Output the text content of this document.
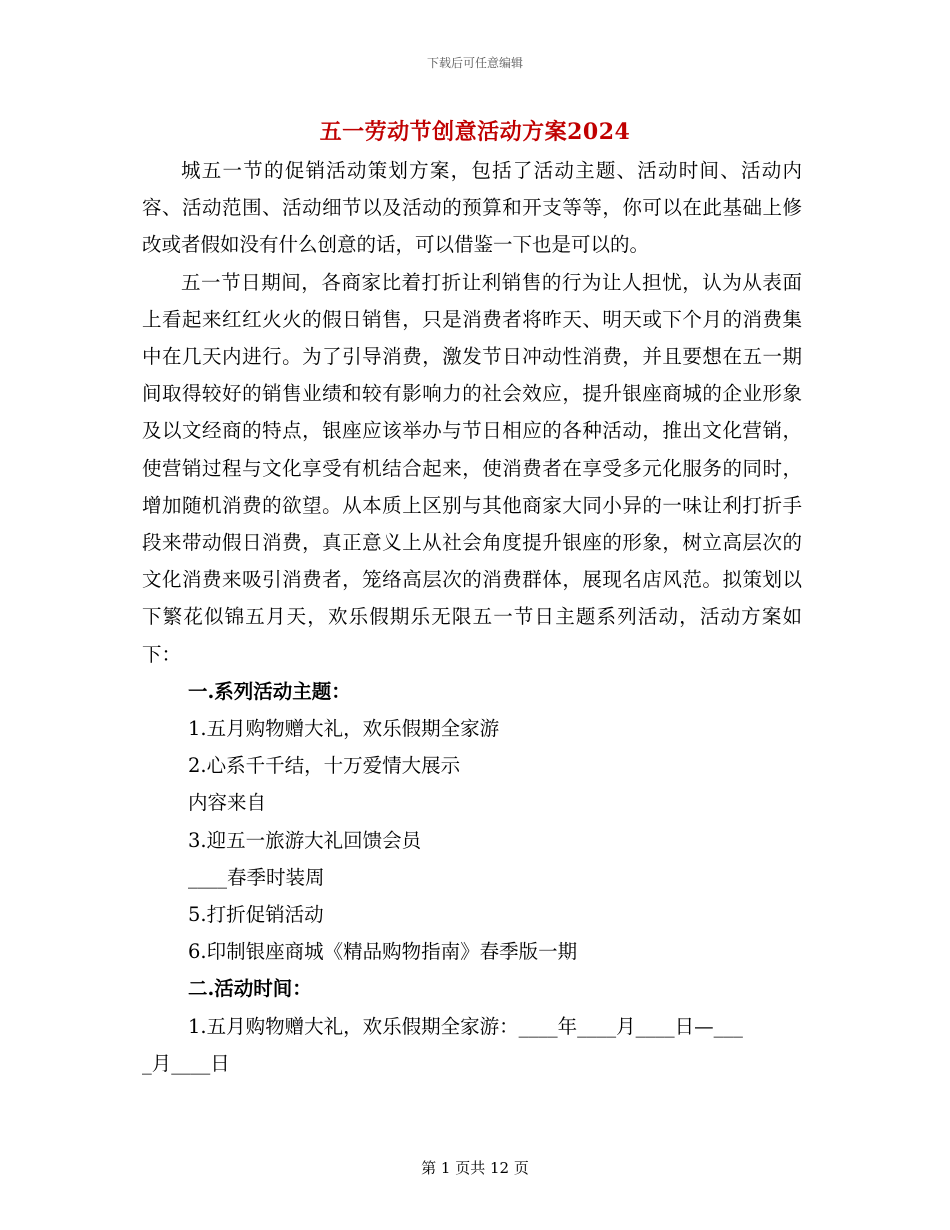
下载后可任意编辑
五一劳动节创意活动方案2024

城五一节的促销活动策划方案，包括了活动主题、活动时间、活动内容、活动范围、活动细节以及活动的预算和开支等等，你可以在此基础上修改或者假如没有什么创意的话，可以借鉴一下也是可以的。

五一节日期间，各商家比着打折让利销售的行为让人担忧，认为从表面上看起来红红火火的假日销售，只是消费者将昨天、明天或下个月的消费集中在几天内进行。为了引导消费，激发节日冲动性消费，并且要想在五一期间取得较好的销售业绩和较有影响力的社会效应，提升银座商城的企业形象及以文经商的特点，银座应该举办与节日相应的各种活动，推出文化营销，使营销过程与文化享受有机结合起来，使消费者在享受多元化服务的同时，增加随机消费的欲望。从本质上区别与其他商家大同小异的一味让利打折手段来带动假日消费，真正意义上从社会角度提升银座的形象，树立高层次的文化消费来吸引消费者，笼络高层次的消费群体，展现名店风范。拟策划以下繁花似锦五月天，欢乐假期乐无限五一节日主题系列活动，活动方案如下：

一.系列活动主题：

1.五月购物赠大礼，欢乐假期全家游

2.心系千千结，十万爱情大展示

内容来自

3.迎五一旅游大礼回馈会员

____春季时装周

5.打折促销活动

6.印制银座商城《精品购物指南》春季版一期

二.活动时间：

1.五月购物赠大礼，欢乐假期全家游：____年____月____日—___

_月____日

第 1 页共 12 页
